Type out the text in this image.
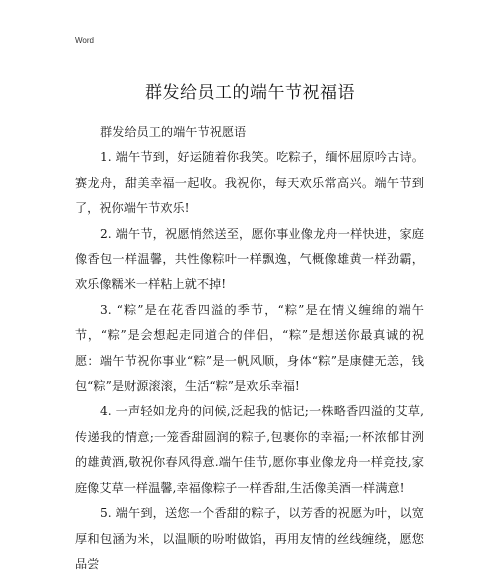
Word
群发给员工的端午节祝福语

群发给员工的端午节祝愿语

1. 端午节到，好运随着你我笑。吃粽子，缅怀屈原吟古诗。赛龙舟，甜美幸福一起收。我祝你，每天欢乐常高兴。端午节到了，祝你端午节欢乐!

2. 端午节，祝愿悄然送至，愿你事业像龙舟一样快进，家庭像香包一样温馨，共性像粽叶一样飘逸，气概像雄黄一样劲霸，欢乐像糯米一样粘上就不掉!

3. “粽”是在花香四溢的季节，“粽”是在情义缠绵的端午节，“粽”是会想起走同道合的伴侣，“粽”是想送你最真诚的祝愿：端午节祝你事业“粽”是一帆风顺，身体“粽”是康健无恙，钱包“粽”是财源滚滚，生活“粽”是欢乐幸福!

4. 一声轻如龙舟的问候,泛起我的惦记;一株略香四溢的艾草,传递我的情意;一笼香甜圆润的粽子,包裹你的幸福;一杯浓郁甘洌的雄黄酒,敬祝你春风得意.端午佳节,愿你事业像龙舟一样竞技,家庭像艾草一样温馨,幸福像粽子一样香甜,生活像美酒一样满意!

5. 端午到，送您一个香甜的粽子，以芳香的祝愿为叶，以宽厚和包涵为米，以温顺的吩咐做馅，再用友情的丝线缠绕，愿您品尝
